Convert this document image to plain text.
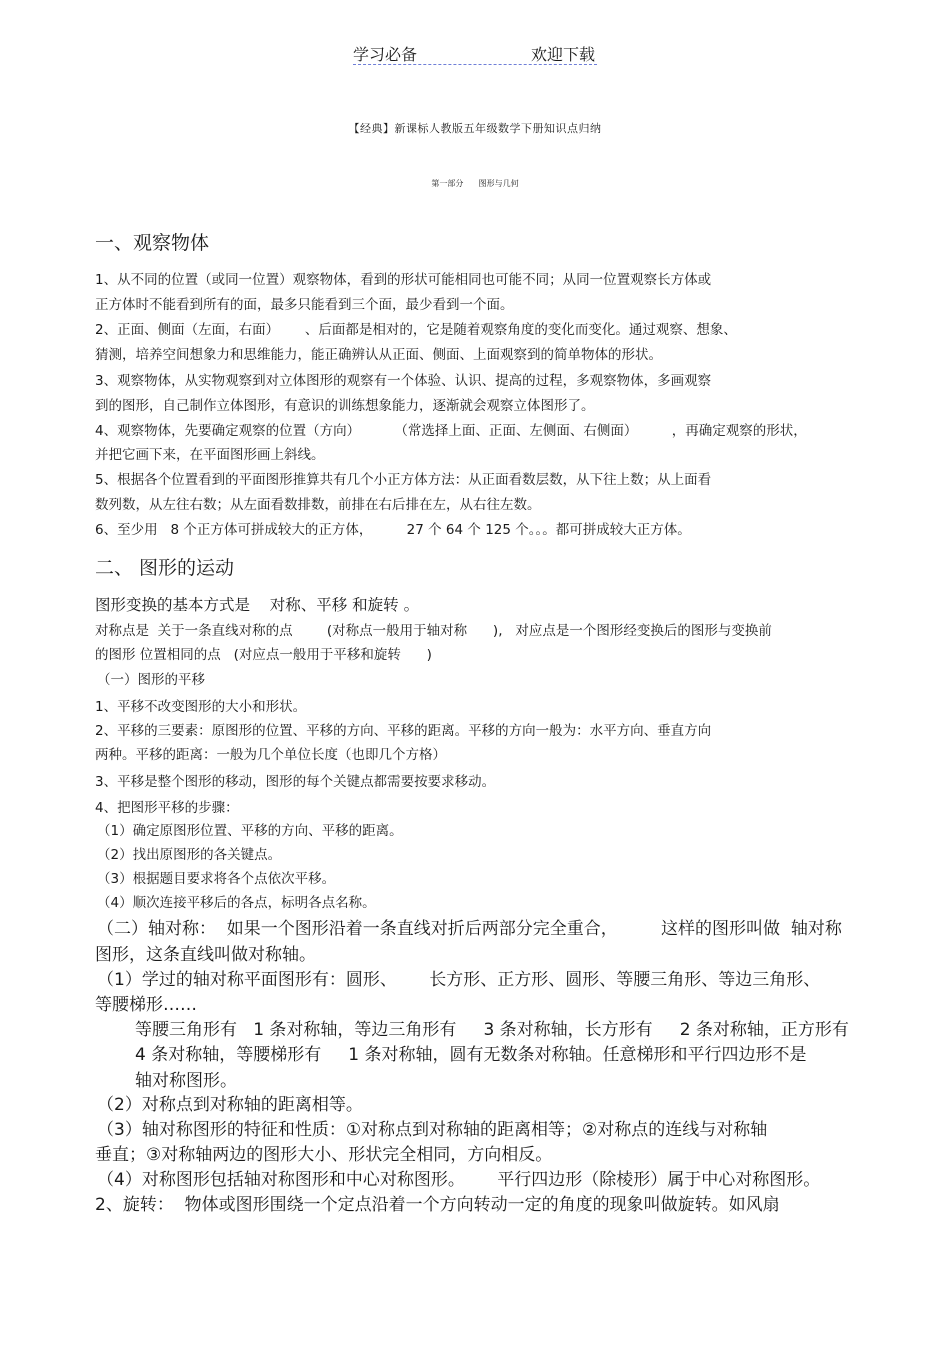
学习必备	欢迎下载
【经典】新课标人教版五年级数学下册知识点归纳
第一部分      图形与几何
一、观察物体
1、从不同的位置（或同一位置）观察物体，看到的形状可能相同也可能不同；从同一位置观察长方体或
正方体时不能看到所有的面，最多只能看到三个面，最少看到一个面。
2、正面、侧面（左面，右面）      、后面都是相对的，它是随着观察角度的变化而变化。通过观察、想象、
猜测，培养空间想象力和思维能力，能正确辨认从正面、侧面、上面观察到的简单物体的形状。
3、观察物体，从实物观察到对立体图形的观察有一个体验、认识、提高的过程，多观察物体，多画观察
到的图形，自己制作立体图形，有意识的训练想象能力，逐渐就会观察立体图形了。
4、观察物体，先要确定观察的位置（方向）        （常选择上面、正面、左侧面、右侧面）        ，再确定观察的形状，
并把它画下来，在平面图形画上斜线。
5、根据各个位置看到的平面图形推算共有几个小正方体方法：从正面看数层数，从下往上数；从上面看
数列数，从左往右数；从左面看数排数，前排在右后排在左，从右往左数。
6、至少用   8 个正方体可拼成较大的正方体，        27 个 64 个 125 个。。。都可拼成较大正方体。
二、 图形的运动
图形变换的基本方式是    对称、平移 和旋转 。
对称点是  关于一条直线对称的点        (对称点一般用于轴对称      ),   对应点是一个图形经变换后的图形与变换前
的图形 位置相同的点   (对应点一般用于平移和旋转      )
（一）图形的平移
1、平移不改变图形的大小和形状。
2、平移的三要素：原图形的位置、平移的方向、平移的距离。平移的方向一般为：水平方向、垂直方向
两种。平移的距离：一般为几个单位长度（也即几个方格）
3、平移是整个图形的移动，图形的每个关键点都需要按要求移动。
4、把图形平移的步骤：
（1）确定原图形位置、平移的方向、平移的距离。
（2）找出原图形的各关键点。
（3）根据题目要求将各个点依次平移。
（4）顺次连接平移后的各点，标明各点名称。
（二）轴对称：  如果一个图形沿着一条直线对折后两部分完全重合，        这样的图形叫做  轴对称
图形，这条直线叫做对称轴。
（1）学过的轴对称平面图形有：圆形、      长方形、正方形、圆形、等腰三角形、等边三角形、
等腰梯形……
等腰三角形有   1 条对称轴，等边三角形有     3 条对称轴，长方形有     2 条对称轴，正方形有
4 条对称轴，等腰梯形有     1 条对称轴，圆有无数条对称轴。任意梯形和平行四边形不是
轴对称图形。
（2）对称点到对称轴的距离相等。
（3）轴对称图形的特征和性质：①对称点到对称轴的距离相等；②对称点的连线与对称轴
垂直；③对称轴两边的图形大小、形状完全相同，方向相反。
（4）对称图形包括轴对称图形和中心对称图形。      平行四边形（除棱形）属于中心对称图形。
2、旋转：  物体或图形围绕一个定点沿着一个方向转动一定的角度的现象叫做旋转。如风扇
